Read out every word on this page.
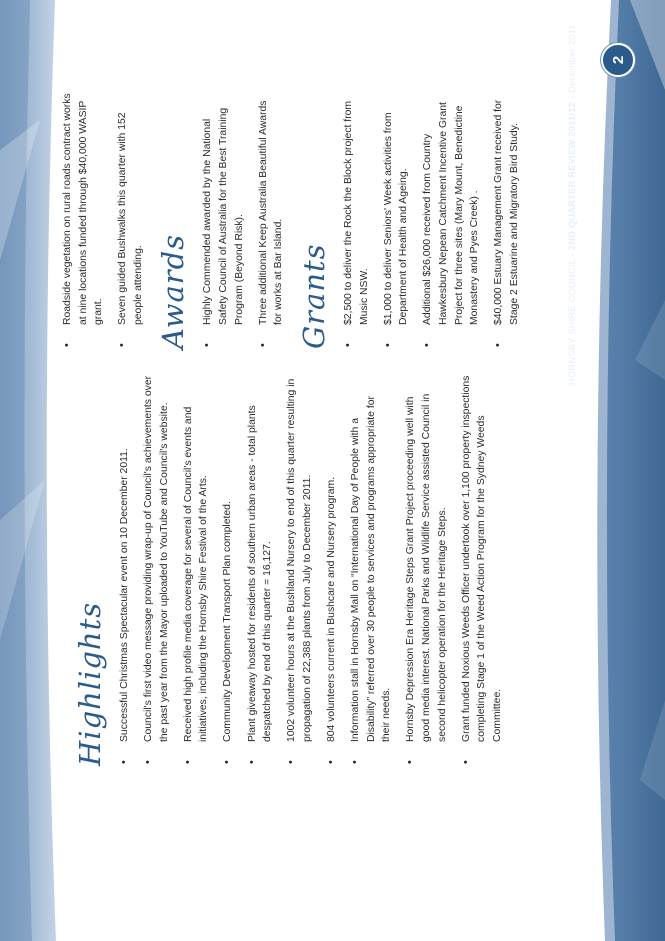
2
Highlights • Successful Christmas Spectacular event on 10 December 2011. • Council's first video message providing wrap-up of Council's achievements over the past year from the Mayor uploaded to YouTube and Council's website. • Received high profile media coverage for several of Council's events and initiatives, including the Hornsby Shire Festival of the Arts. • Community Development Transport Plan completed. • Plant giveaway hosted for residents of southern urban areas - total plants despatched by end of this quarter = 16,127. • 1002 volunteer hours at the Bushland Nursery to end of this quarter resulting in propagation of 22,388 plants from July to December 2011. • 804 volunteers current in Bushcare and Nursery program. • Information stall in Hornsby Mall on “International Day of People with a Disability” referred over 30 people to services and programs appropriate for their needs. • Hornsby Depression Era Heritage Steps Grant Project proceeding well with good media interest. National Parks and Wildlife Service assisted Council in second helicopter operation for the Heritage Steps. • Grant funded Noxious Weeds Officer undertook over 1,100 property inspections completing Stage 1 of the Weed Action Program for the Sydney Weeds Committee.
• Roadside vegetation on rural roads contract works at nine locations funded through $40,000 WASIP grant. • Seven guided Bushwalks this quarter with 152 people attending. Awards • Highly Commended awarded by the National Safety Council of Australia for the Best Training Program (Beyond Risk). • Three additional Keep Australia Beautiful Awards for works at Bar Island. Grants • $2,500 to deliver the Rock the Block project from Music NSW. • $1,000 to deliver Seniors' Week activities from Department of Health and Ageing. • Additional $26,000 received from Country Hawkesbury Nepean Catchment Incentive Grant Project for three sites (Mary Mount, Benedictine Monastery and Pyes Creek) . • $40,000 Estuary Management Grant received for Stage 2 Estuarine and Migratory Bird Study.	HORNSBY SHIRE COUNCIL - 2ND QUARTER REVIEW 2011/12 - December 2011
